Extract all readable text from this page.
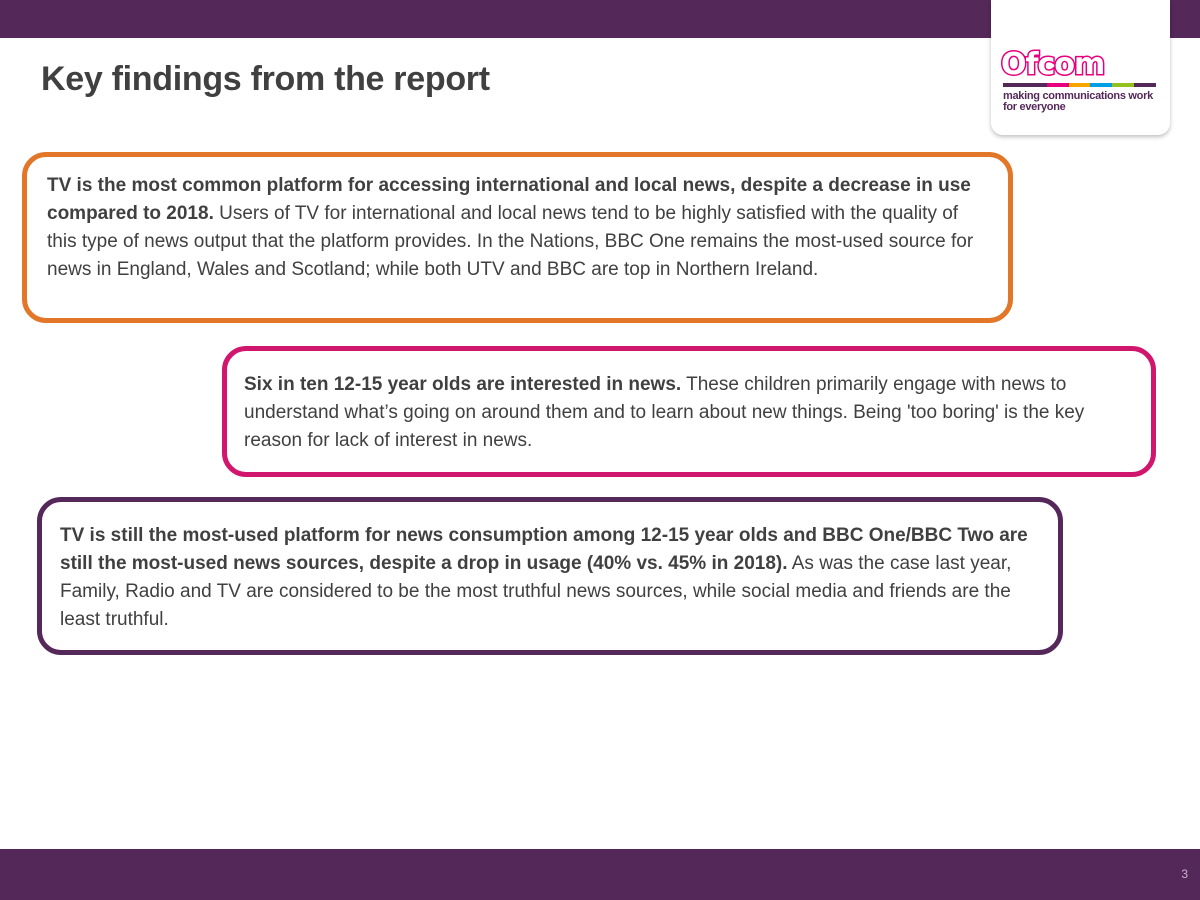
Ofcom
making communications work
for everyone
Key findings from the report

TV is the most common platform for accessing international and local news, despite a decrease in use compared to 2018. Users of TV for international and local news tend to be highly satisfied with the quality of this type of news output that the platform provides. In the Nations, BBC One remains the most-used source for news in England, Wales and Scotland; while both UTV and BBC are top in Northern Ireland.

Six in ten 12-15 year olds are interested in news. These children primarily engage with news to understand what’s going on around them and to learn about new things. Being 'too boring' is the key reason for lack of interest in news.

TV is still the most-used platform for news consumption among 12-15 year olds and BBC One/BBC Two are still the most-used news sources, despite a drop in usage (40% vs. 45% in 2018). As was the case last year, Family, Radio and TV are considered to be the most truthful news sources, while social media and friends are the least truthful.

3
